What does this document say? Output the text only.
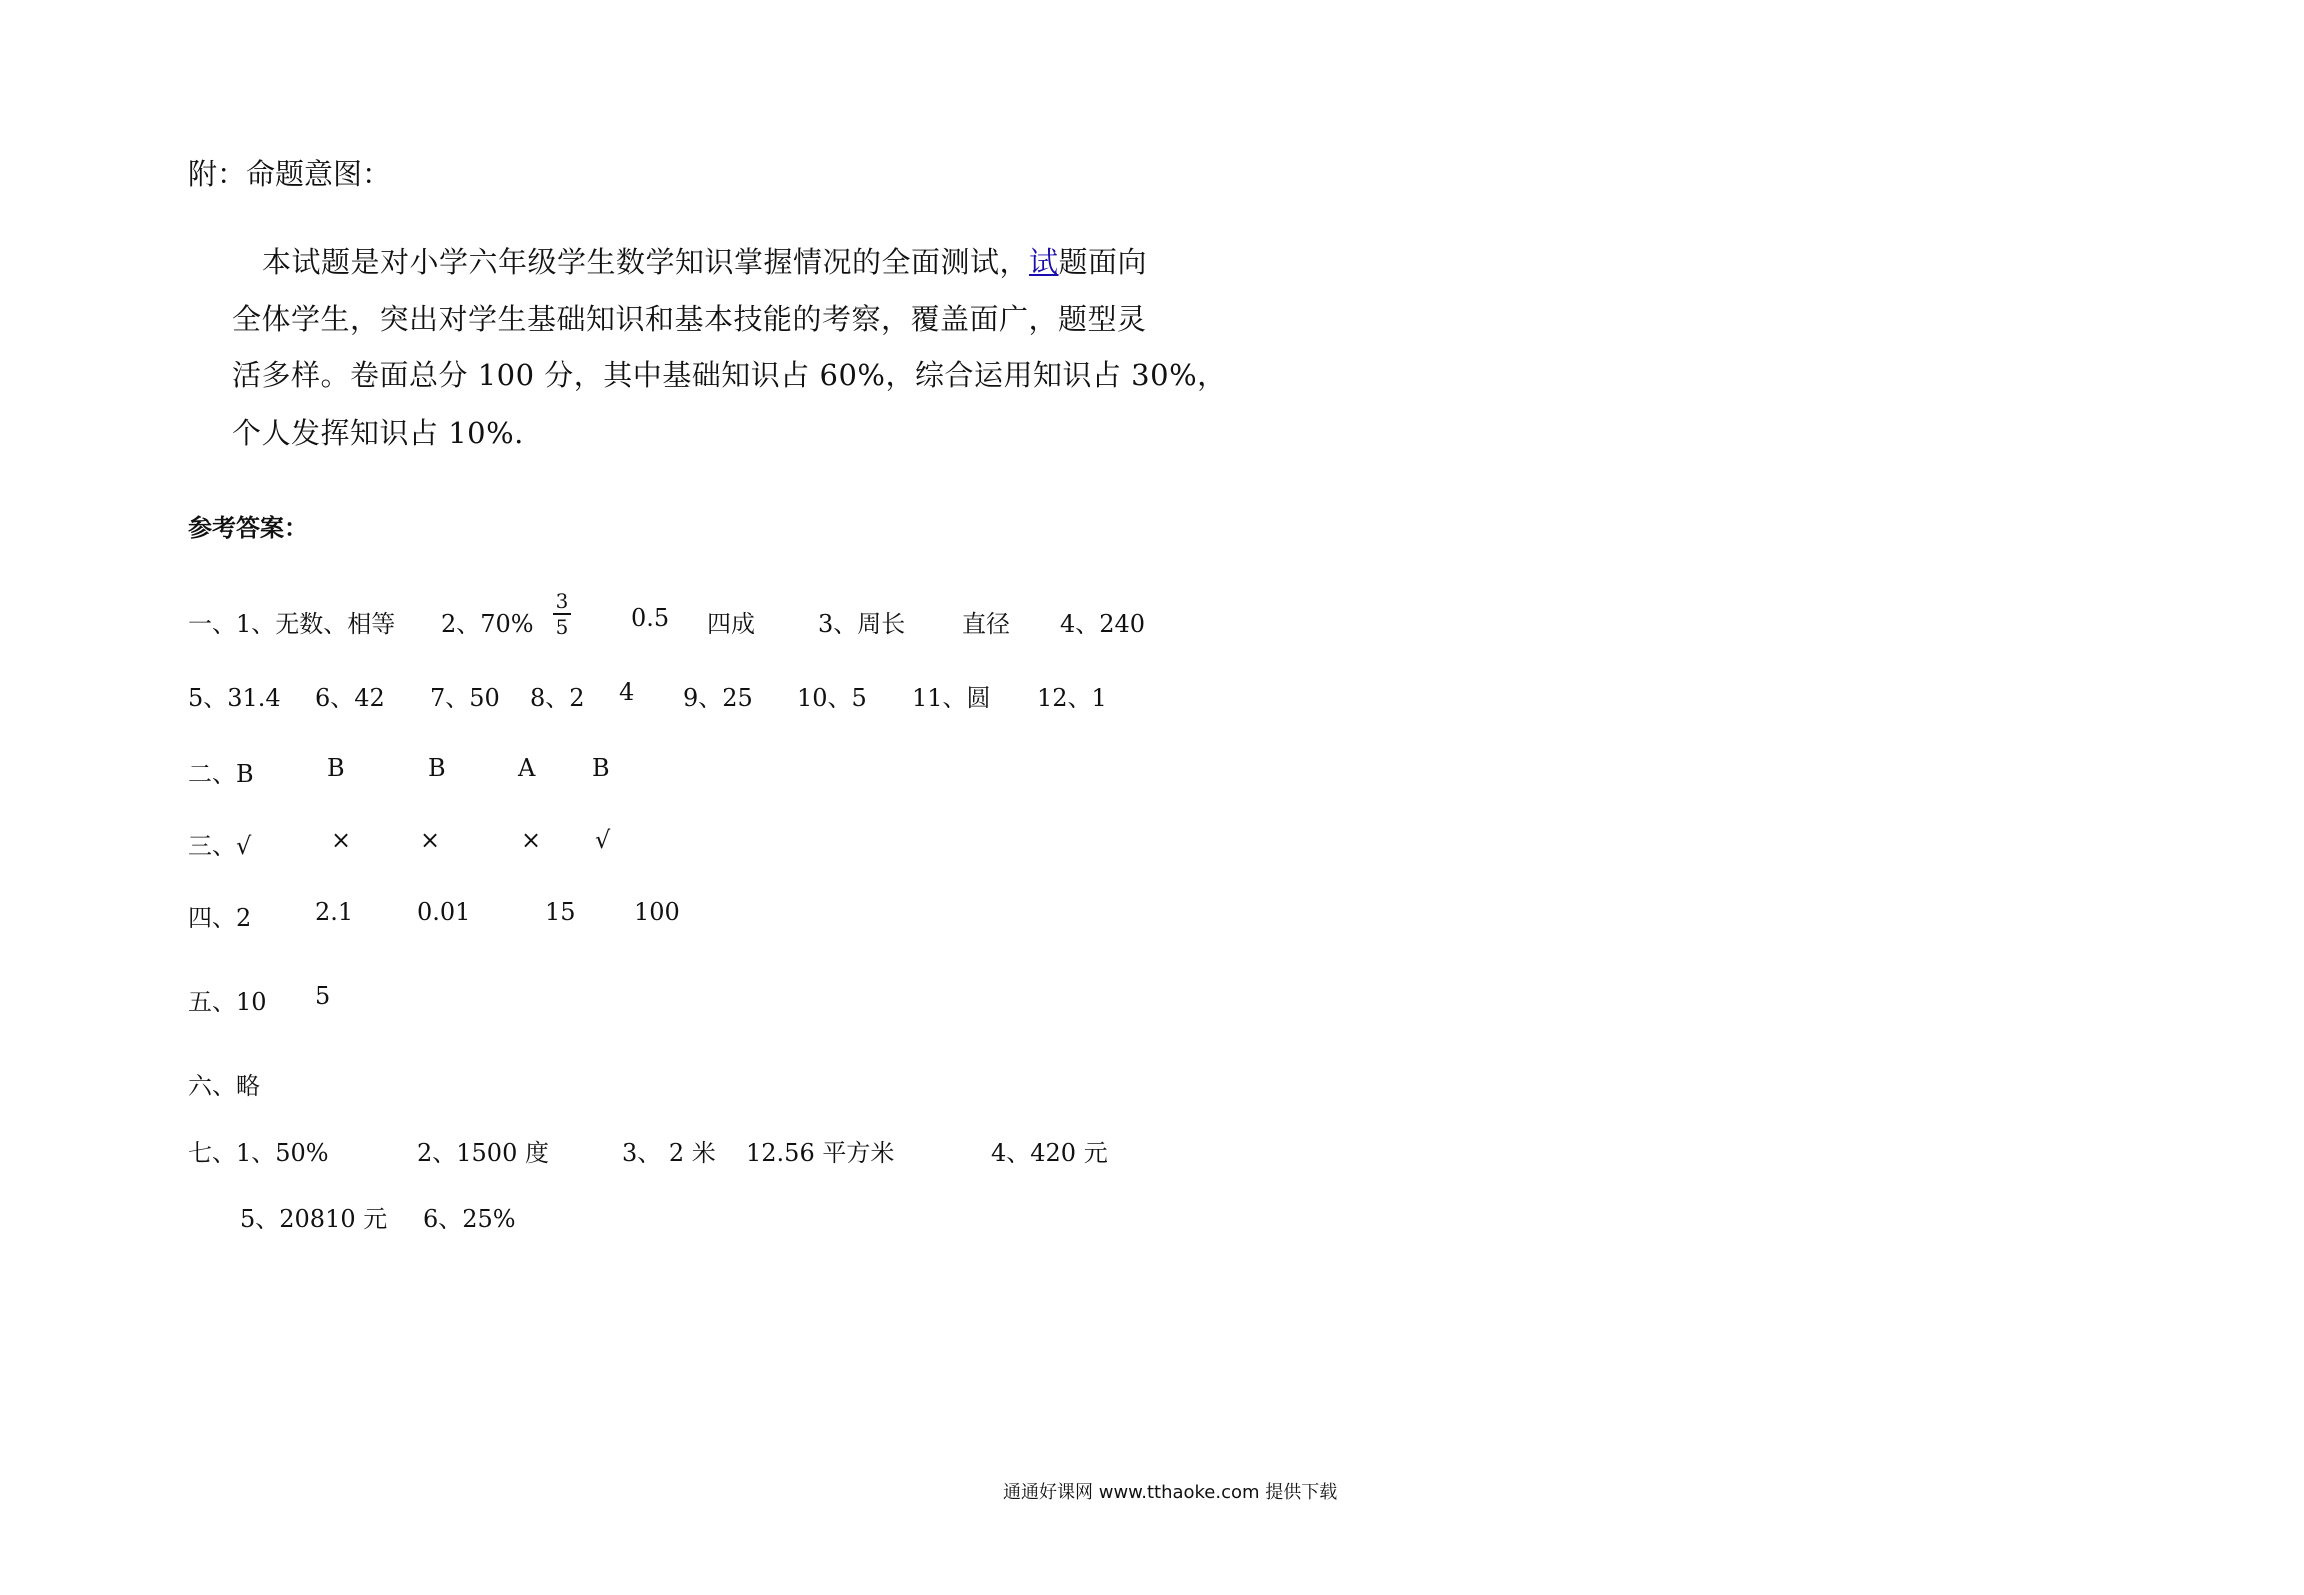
附：命题意图：
本试题是对小学六年级学生数学知识掌握情况的全面测试，试题面向
全体学生，突出对学生基础知识和基本技能的考察，覆盖面广，题型灵
活多样。卷面总分 100 分，其中基础知识占 60%，综合运用知识占 30%，
个人发挥知识占 10%.
参考答案：
一、1、无数、相等 2、70%
3
5	0.5 四成	3、周长 直径 4、240
5、31.4 6、42 7、50 8、2 4 9、25 10、5 11、圆 12、1
二、B	B	B	A B
三、√	×	×	× √
四、2	2.1	0.01	15 100
五、10 5
六、略
七、1、50%	2、1500 度	3、 2 米 12.56 平方米	4、420 元
5、20810 元 6、25%
通通好课网 www.tthaoke.com 提供下载
